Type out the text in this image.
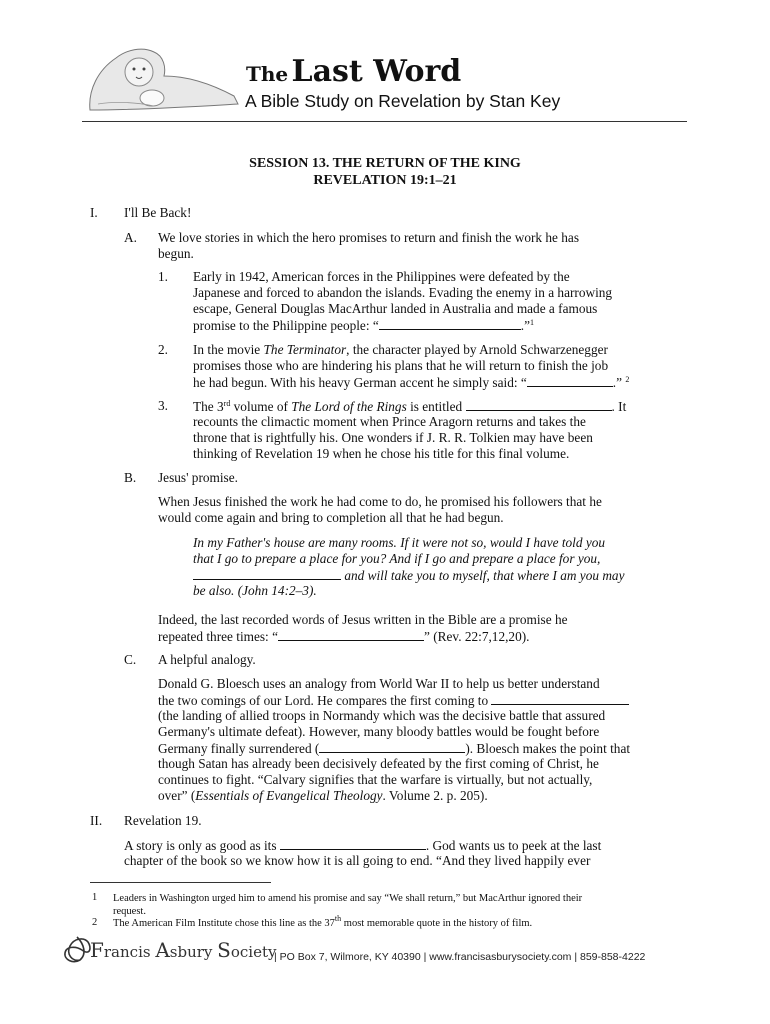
The Last Word
A Bible Study on Revelation by Stan Key
SESSION 13. THE RETURN OF THE KING
REVELATION 19:1–21
I. I'll Be Back!
A. We love stories in which the hero promises to return and finish the work he has
begun.
1. Early in 1942, American forces in the Philippines were defeated by the
Japanese and forced to abandon the islands. Evading the enemy in a harrowing
escape, General Douglas MacArthur landed in Australia and made a famous
promise to the Philippine people: “	.”$^1$
2. In the movie The Terminator, the character played by Arnold Schwarzenegger
promises those who are hindering his plans that he will return to finish the job
he had begun. With his heavy German accent he simply said: “	.” $^2$
3. The 3rd volume of The Lord of the Rings is entitled	. It
recounts the climactic moment when Prince Aragorn returns and takes the
throne that is rightfully his. One wonders if J. R. R. Tolkien may have been
thinking of Revelation 19 when he chose his title for this final volume.
B. Jesus' promise.
When Jesus finished the work he had come to do, he promised his followers that he
would come again and bring to completion all that he had begun.
In my Father's house are many rooms. If it were not so, would I have told you
that I go to prepare a place for you? And if I go and prepare a place for you,
and will take you to myself, that where I am you may
be also. (John 14:2–3).
Indeed, the last recorded words of Jesus written in the Bible are a promise he
repeated three times: “	” (Rev. 22:7,12,20).
C. A helpful analogy.
Donald G. Bloesch uses an analogy from World War II to help us better understand
the two comings of our Lord. He compares the first coming to
(the landing of allied troops in Normandy which was the decisive battle that assured
Germany's ultimate defeat). However, many bloody battles would be fought before
Germany finally surrendered (	). Bloesch makes the point that
though Satan has already been decisively defeated by the first coming of Christ, he
continues to fight. “Calvary signifies that the warfare is virtually, but not actually,
over” (Essentials of Evangelical Theology. Volume 2. p. 205).
II. Revelation 19.
A story is only as good as its	. God wants us to peek at the last
chapter of the book so we know how it is all going to end. “And they lived happily ever
1 Leaders in Washington urged him to amend his promise and say “We shall return,” but MacArthur ignored their
request.
2 The American Film Institute chose this line as the 37th most memorable quote in the history of film.
Francis Asbury Society
| PO Box 7, Wilmore, KY 40390 | www.francisasburysociety.com | 859-858-4222
